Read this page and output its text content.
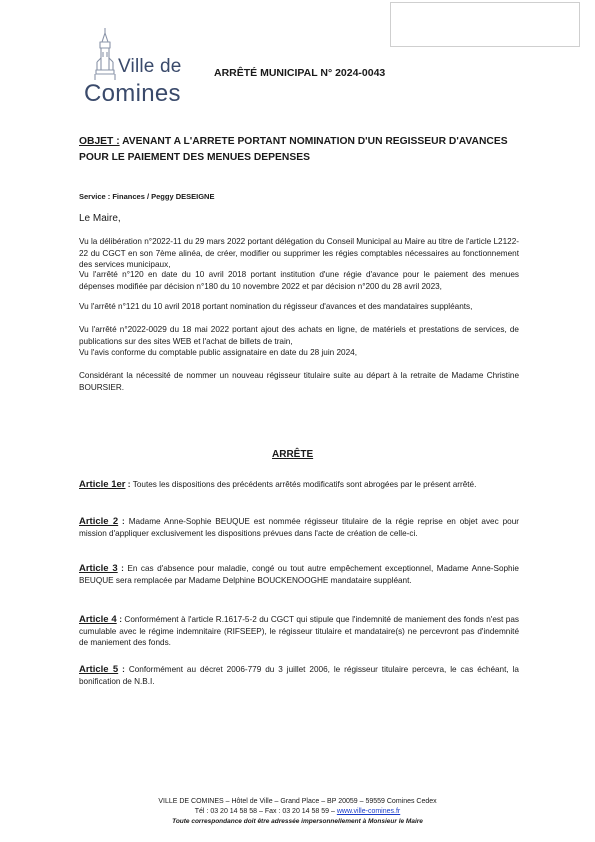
Ville de
Comines
ARRÊTÉ MUNICIPAL N° 2024-0043
OBJET : AVENANT A L'ARRETE PORTANT NOMINATION D'UN REGISSEUR D'AVANCES POUR LE PAIEMENT DES MENUES DEPENSES
Service : Finances / Peggy DESEIGNE
Le Maire,
Vu la délibération n°2022-11 du 29 mars 2022 portant délégation du Conseil Municipal au Maire au titre de l'article L2122-22 du CGCT en son 7ème alinéa, de créer, modifier ou supprimer les régies comptables nécessaires au fonctionnement des services municipaux,
Vu l'arrêté n°120 en date du 10 avril 2018 portant institution d'une régie d'avance pour le paiement des menues dépenses modifiée par décision n°180 du 10 novembre 2022 et par décision n°200 du 28 avril 2023,
Vu l'arrêté n°121 du 10 avril 2018 portant nomination du régisseur d'avances et des mandataires suppléants,
Vu l'arrêté n°2022-0029 du 18 mai 2022 portant ajout des achats en ligne, de matériels et prestations de services, de publications sur des sites WEB et l'achat de billets de train,
Vu l'avis conforme du comptable public assignataire en date du 28 juin 2024,
Considérant la nécessité de nommer un nouveau régisseur titulaire suite au départ à la retraite de Madame Christine BOURSIER.
ARRÊTE
Article 1er : Toutes les dispositions des précédents arrêtés modificatifs sont abrogées par le présent arrêté.
Article 2 : Madame Anne-Sophie BEUQUE est nommée régisseur titulaire de la régie reprise en objet avec pour mission d'appliquer exclusivement les dispositions prévues dans l'acte de création de celle-ci.
Article 3 : En cas d'absence pour maladie, congé ou tout autre empêchement exceptionnel, Madame Anne-Sophie BEUQUE sera remplacée par Madame Delphine BOUCKENOOGHE mandataire suppléant.
Article 4 : Conformément à l'article R.1617-5-2 du CGCT qui stipule que l'indemnité de maniement des fonds n'est pas cumulable avec le régime indemnitaire (RIFSEEP), le régisseur titulaire et mandataire(s) ne percevront pas d'indemnité de maniement des fonds.
Article 5 : Conformément au décret 2006-779 du 3 juillet 2006, le régisseur titulaire percevra, le cas échéant, la bonification de N.B.I.
VILLE DE COMINES – Hôtel de Ville – Grand Place – BP 20059 – 59559 Comines Cedex
Tél : 03 20 14 58 58 – Fax : 03 20 14 58 59 – www.ville-comines.fr
Toute correspondance doit être adressée impersonnellement à Monsieur le Maire
